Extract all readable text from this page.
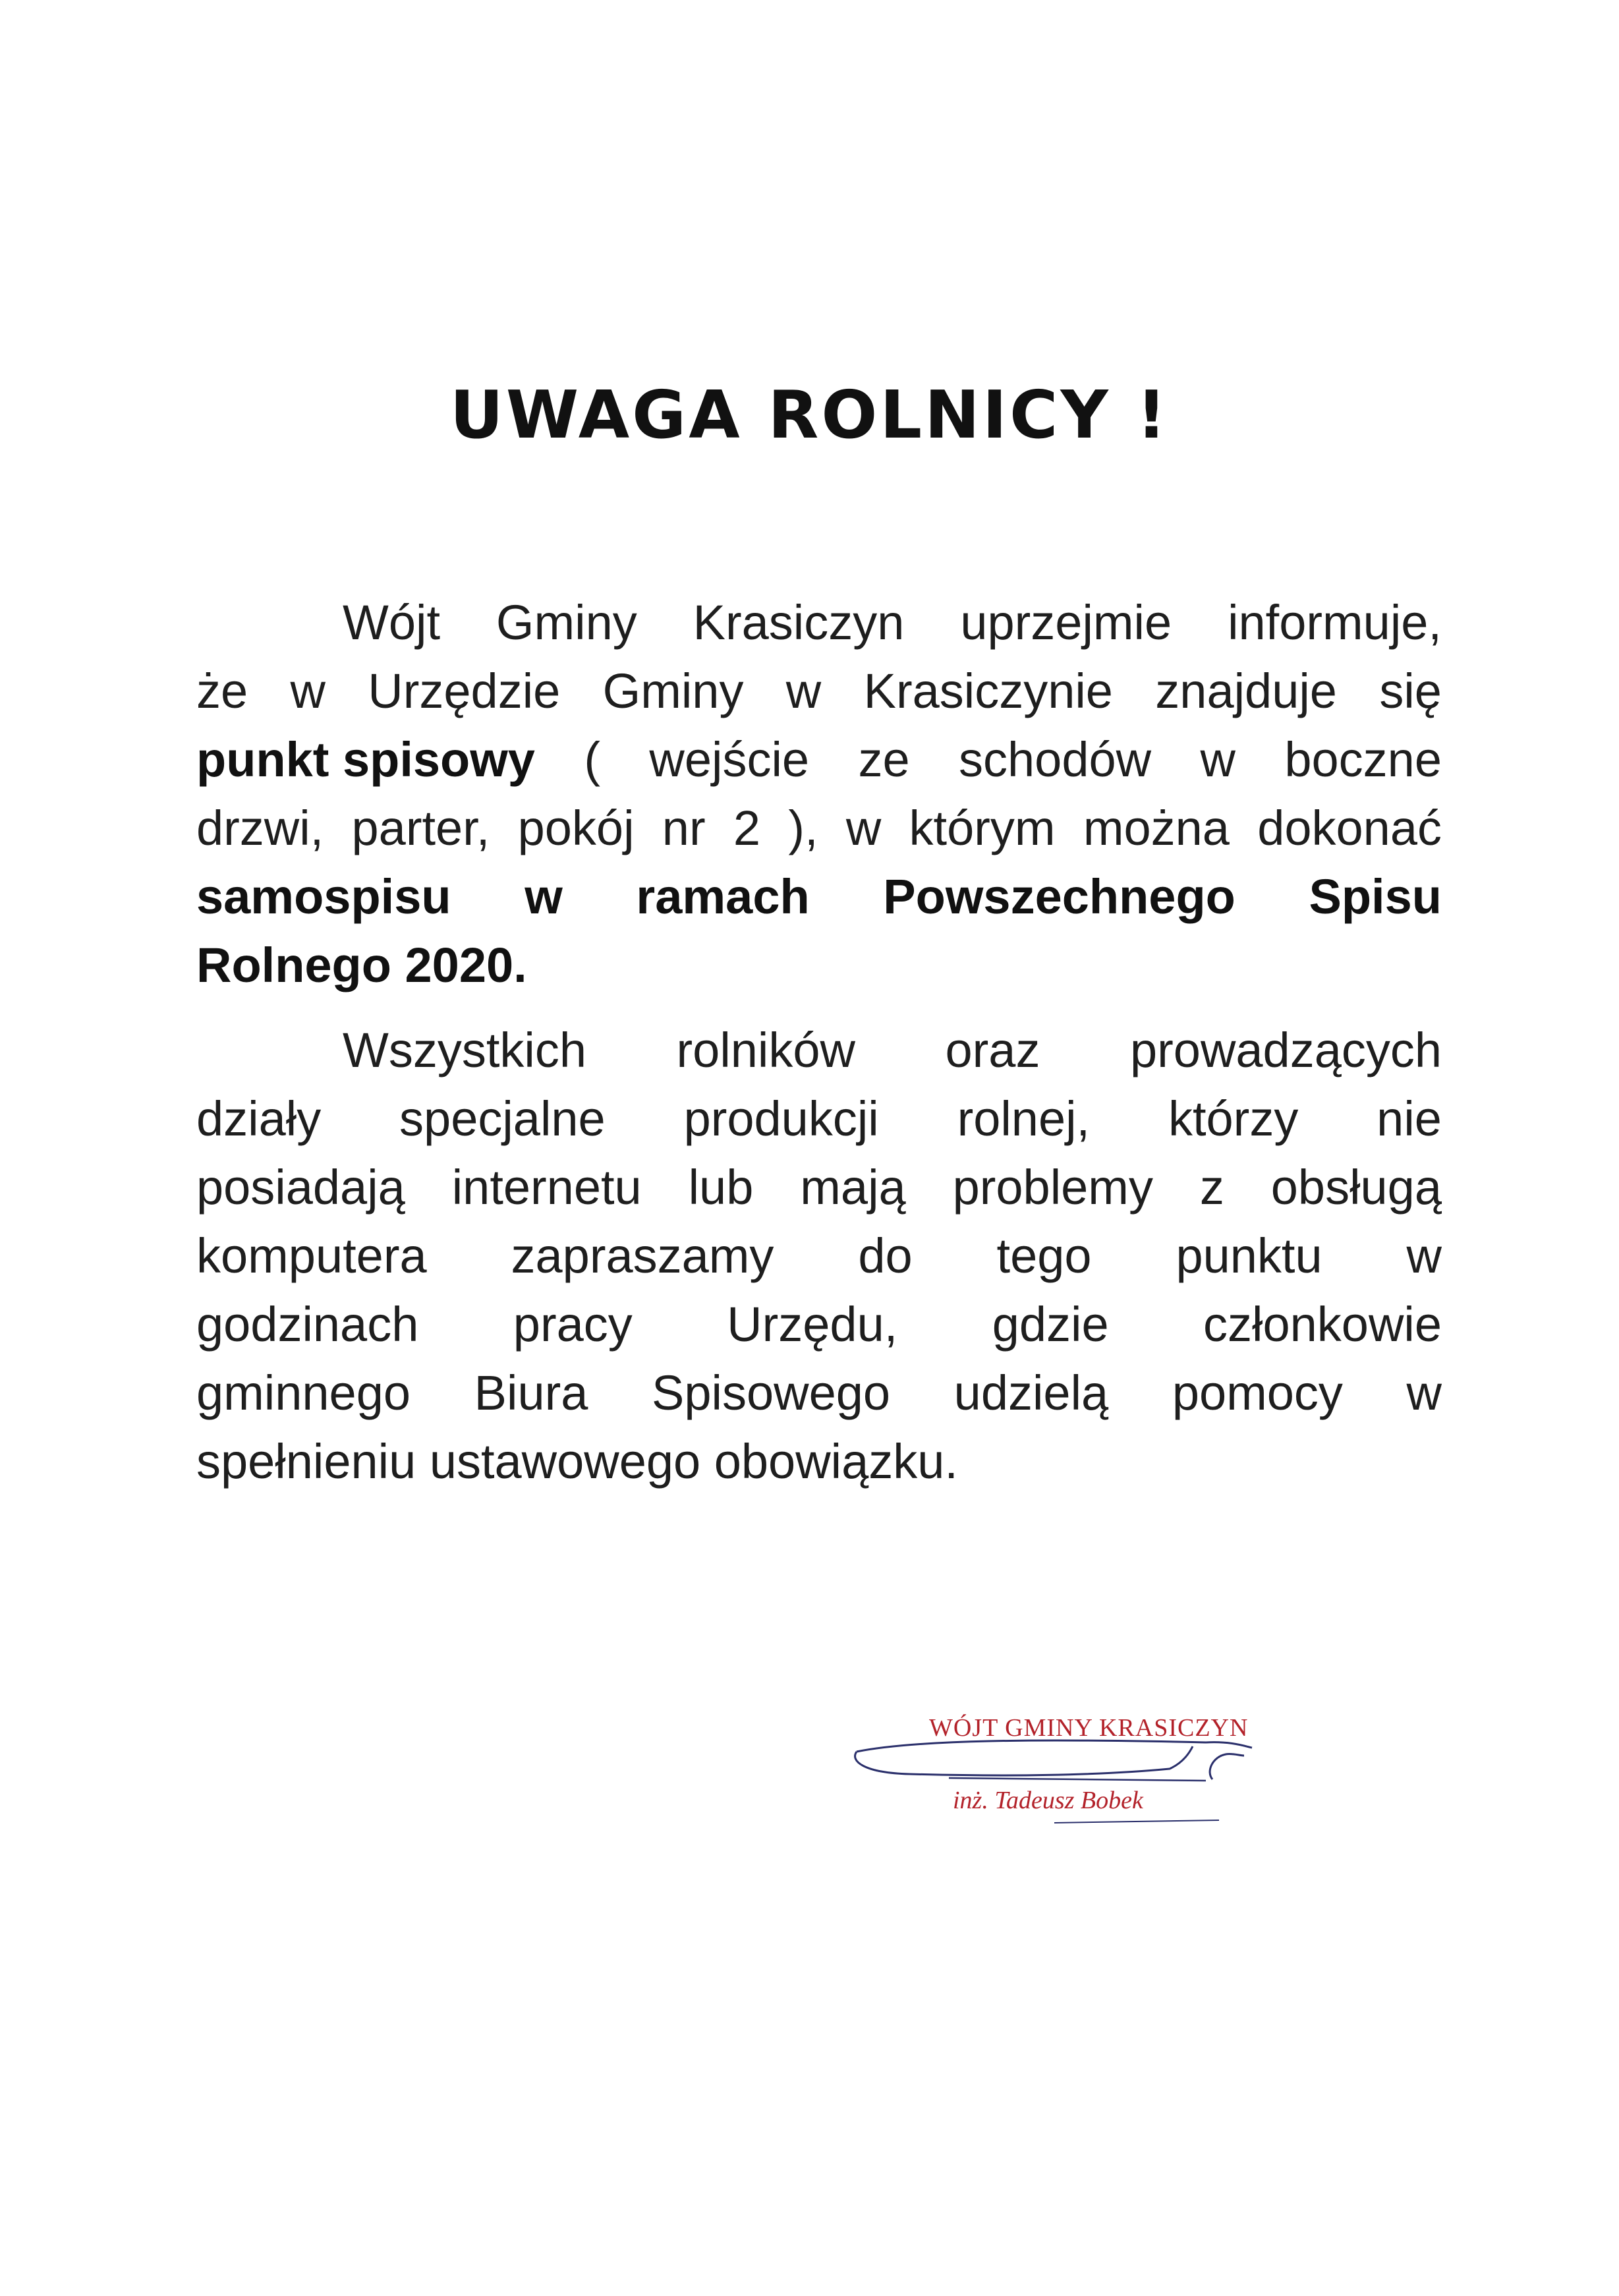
UWAGA ROLNICY !
Wójt Gminy Krasiczyn uprzejmie informuje,
że w Urzędzie Gminy w Krasiczynie znajduje się
punkt spisowy ( wejście ze schodów w boczne
drzwi, parter, pokój nr 2 ), w którym można dokonać
samospisu w ramach Powszechnego Spisu
Rolnego 2020.
Wszystkich rolników oraz prowadzących
działy specjalne produkcji rolnej, którzy nie
posiadają internetu lub mają problemy z obsługą
komputera zapraszamy do tego punktu w
godzinach pracy Urzędu, gdzie członkowie
gminnego Biura Spisowego udzielą pomocy w
spełnieniu ustawowego obowiązku.
WÓJT GMINY KRASICZYN
inż. Tadeusz Bobek
